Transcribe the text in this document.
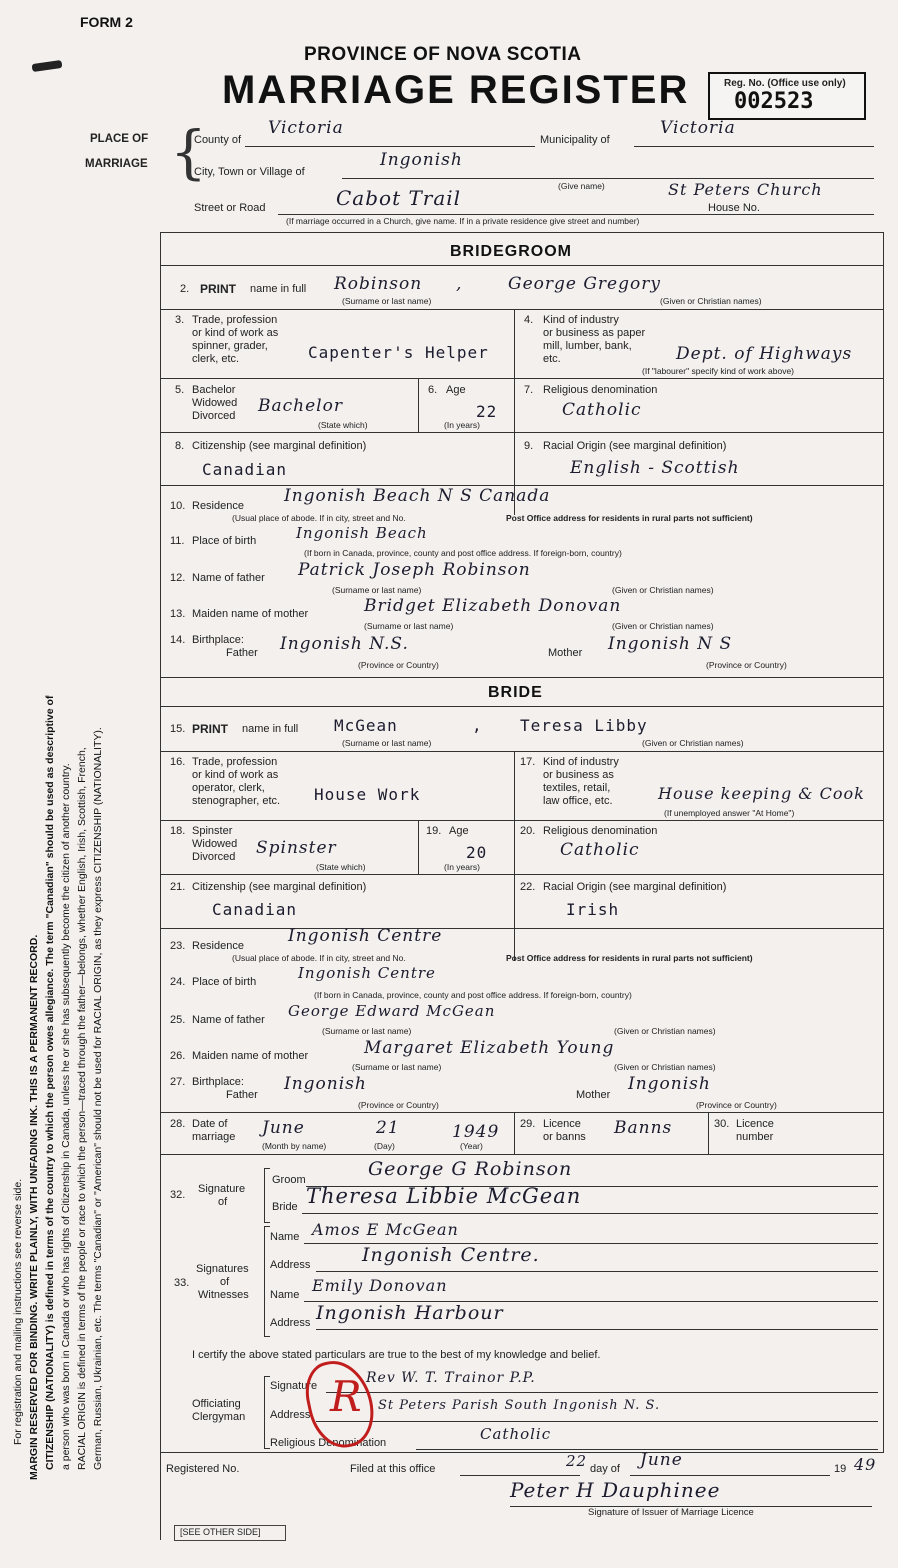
FORM 2
PROVINCE OF NOVA SCOTIA
MARRIAGE REGISTER	Reg. No. (Office use only)
002523
PLACE OF
MARRIAGE {
County of
Victoria
Municipality of
Victoria
City, Town or Village of
Ingonish
(Give name)
Street or Road	Cabot Trail	House No.
St Peters Church
(If marriage occurred in a Church, give name. If in a private residence give street and number)
BRIDEGROOM
2. PRINT name in full Robinson ,	George Gregory
(Surname or last name)	(Given or Christian names)
3. Trade, profession
or kind of work as
spinner, grader,
clerk, etc.	Capenter's Helper
4. Kind of industry
or business as paper
mill, lumber, bank,
etc.	Dept. of Highways
(If "labourer" specify kind of work above)
5. Bachelor
Widowed
Divorced Bachelor
(State which)
6. Age
22
(In years)
7. Religious denomination
Catholic
8. Citizenship (see marginal definition)
Canadian
9. Racial Origin (see marginal definition)
English - Scottish
10. Residence Ingonish Beach N S Canada
(Usual place of abode. If in city, street and No.	Post Office address for residents in rural parts not sufficient)
11. Place of birth	Ingonish Beach
(If born in Canada, province, county and post office address. If foreign-born, country)
12. Name of father Patrick Joseph Robinson
(Surname or last name)	(Given or Christian names)
13. Maiden name of mother	Bridget Elizabeth Donovan
(Surname or last name)	(Given or Christian names)
14. Birthplace:
Father Ingonish N.S.	Mother Ingonish N S
(Province or Country)	(Province or Country)
BRIDE
15. PRINT name in full McGean	, Teresa Libby
(Surname or last name)	(Given or Christian names)
16. Trade, profession
or kind of work as
operator, clerk,
stenographer, etc. House Work
17. Kind of industry
or business as
textiles, retail,
law office, etc.	House keeping & Cook
(If unemployed answer "At Home")
18. Spinster
Widowed
Divorced Spinster
(State which)
19. Age
20
(In years)
20. Religious denomination
Catholic
21. Citizenship (see marginal definition)
Canadian
22. Racial Origin (see marginal definition)
Irish
23. Residence	Ingonish Centre
(Usual place of abode. If in city, street and No.	Post Office address for residents in rural parts not sufficient)
24. Place of birth	Ingonish Centre
(If born in Canada, province, county and post office address. If foreign-born, country)
25. Name of father George Edward McGean
(Surname or last name)	(Given or Christian names)
26. Maiden name of mother	Margaret Elizabeth Young
(Surname or last name)	(Given or Christian names)
27. Birthplace:
Father
Ingonish
Mother
Ingonish
(Province or Country)	(Province or Country)
28. Date of
marriage June	21	1949
(Month by name)	(Day)	(Year)
29. Licence
or banns Banns	30. Licence
number
32. Signature
of
Groom	George G Robinson
Bride Theresa Libbie McGean
33.
Signatures
of
Witnesses
Name Amos E McGean
Address	Ingonish Centre.
Name Emily Donovan
Address Ingonish Harbour
I certify the above stated particulars are true to the best of my knowledge and belief.
Officiating
Clergyman
Signature	Rev W. T. Trainor P.P.
Address
St Peters Parish South Ingonish N. S.
Religious Denomination	Catholic
R
Registered No.	Filed at this office	22 day of June	19 49
Peter H Dauphinee
Signature of Issuer of Marriage Licence
[SEE OTHER SIDE]
For registration and mailing instructions see reverse side. MARGIN RESERVED FOR BINDING. WRITE PLAINLY, WITH UNFADING INK. THIS IS A PERMANENT RECORD. CITIZENSHIP (NATIONALITY) is defined in terms of the country to which the person owes allegiance. The term "Canadian" should be used as descriptive of a person who was born in Canada or who has rights of Citizenship in Canada, unless he or she has subsequently become the citizen of another country. RACIAL ORIGIN is defined in terms of the people or race to which the person—traced through the father—belongs, whether English, Irish, Scottish, French, German, Russian, Ukrainian, etc. The terms "Canadian" or "American" should not be used for RACIAL ORIGIN, as they express CITIZENSHIP (NATIONALITY).
